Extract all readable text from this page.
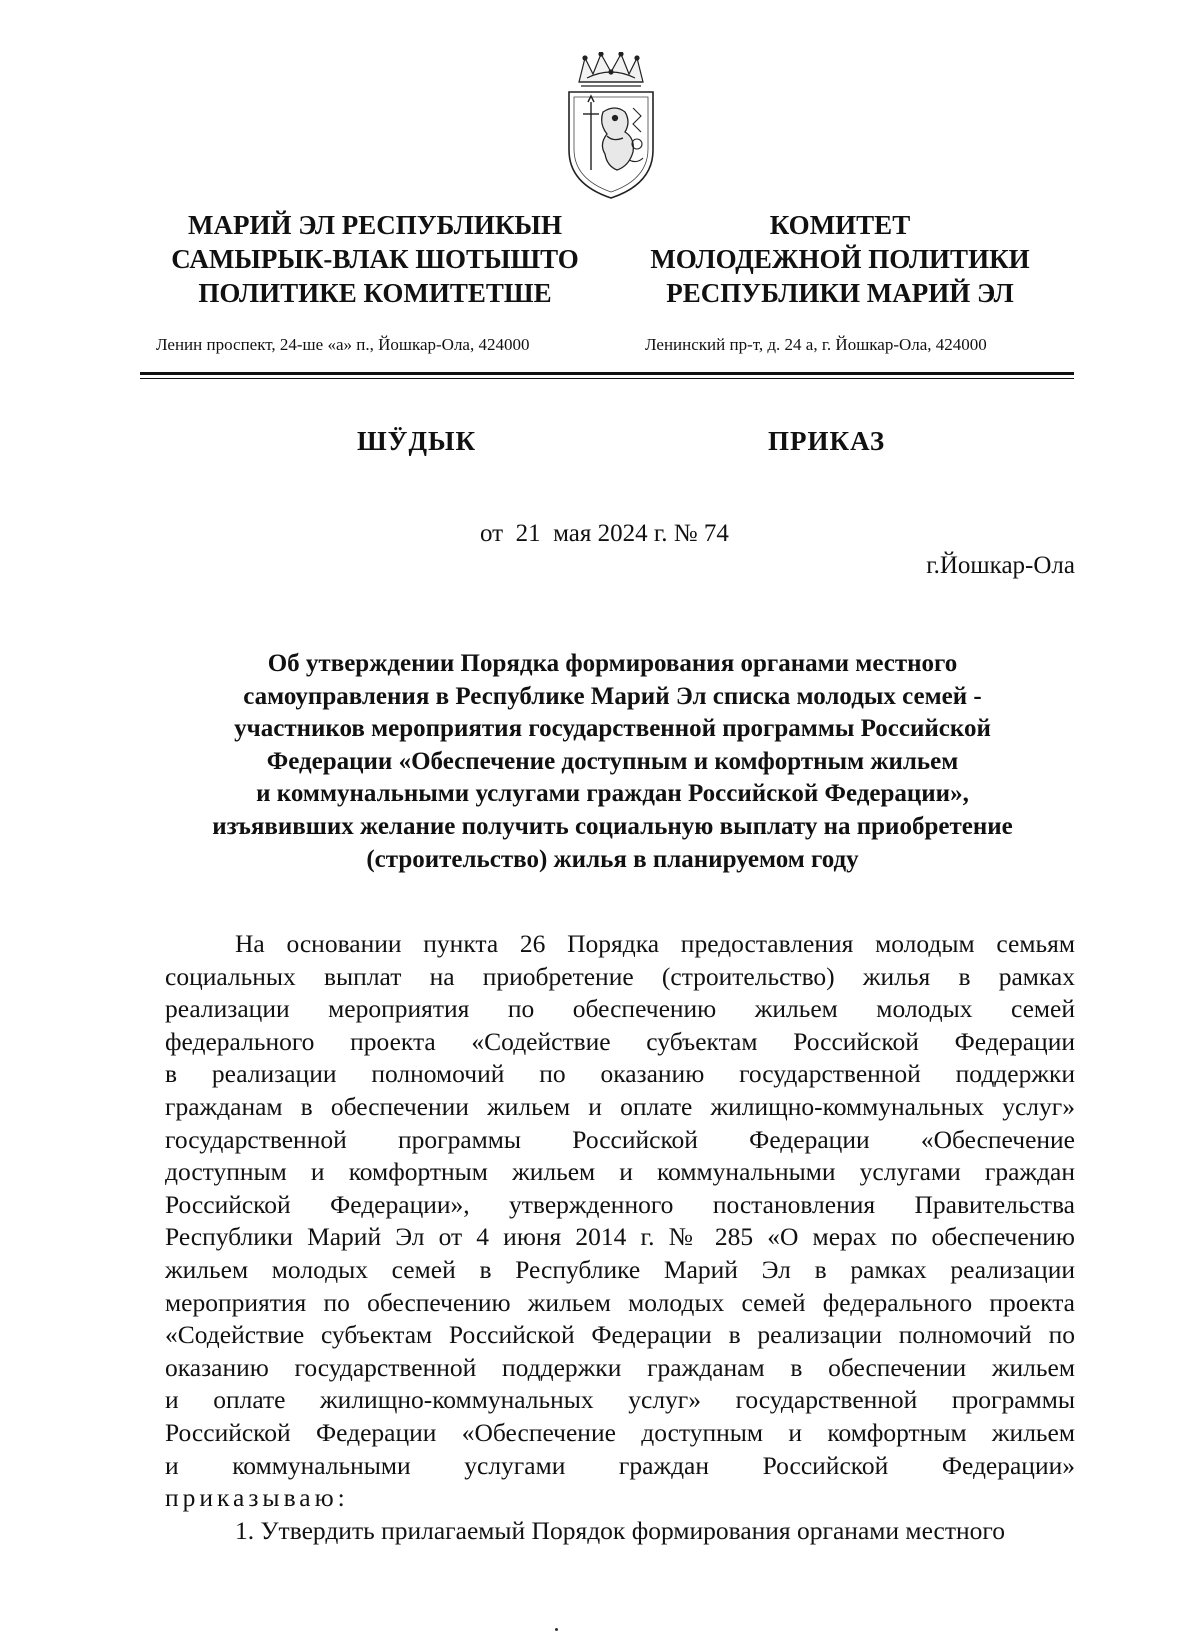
МАРИЙ ЭЛ РЕСПУБЛИКЫН
САМЫРЫК-ВЛАК ШОТЫШТО
ПОЛИТИКЕ КОМИТЕТШЕ
КОМИТЕТ
МОЛОДЕЖНОЙ ПОЛИТИКИ
РЕСПУБЛИКИ МАРИЙ ЭЛ
Ленин проспект, 24-ше «а» п., Йошкар-Ола, 424000	Ленинский пр-т, д. 24 а, г. Йошкар-Ола, 424000
ШӰДЫК	ПРИКАЗ
от  21  мая 2024 г. № 74
г.Йошкар-Ола
Об утверждении Порядка формирования органами местного
самоуправления в Республике Марий Эл списка молодых семей -
участников мероприятия государственной программы Российской
Федерации «Обеспечение доступным и комфортным жильем
и коммунальными услугами граждан Российской Федерации»,
изъявивших желание получить социальную выплату на приобретение
(строительство) жилья в планируемом году
На основании пункта 26 Порядка предоставления молодым семьям
социальных выплат на приобретение (строительство) жилья в рамках
реализации мероприятия по обеспечению жильем молодых семей
федерального проекта «Содействие субъектам Российской Федерации
в реализации полномочий по оказанию государственной поддержки
гражданам в обеспечении жильем и оплате жилищно-коммунальных услуг»
государственной программы Российской Федерации «Обеспечение
доступным и комфортным жильем и коммунальными услугами граждан
Российской Федерации», утвержденного постановления Правительства
Республики Марий Эл от 4 июня 2014 г. № 285 «О мерах по обеспечению
жильем молодых семей в Республике Марий Эл в рамках реализации
мероприятия по обеспечению жильем молодых семей федерального проекта
«Содействие субъектам Российской Федерации в реализации полномочий по
оказанию государственной поддержки гражданам в обеспечении жильем
и оплате жилищно-коммунальных услуг» государственной программы
Российской Федерации «Обеспечение доступным и комфортным жильем
и коммунальными услугами граждан Российской Федерации»
приказываю:
1. Утвердить прилагаемый Порядок формирования органами местного
